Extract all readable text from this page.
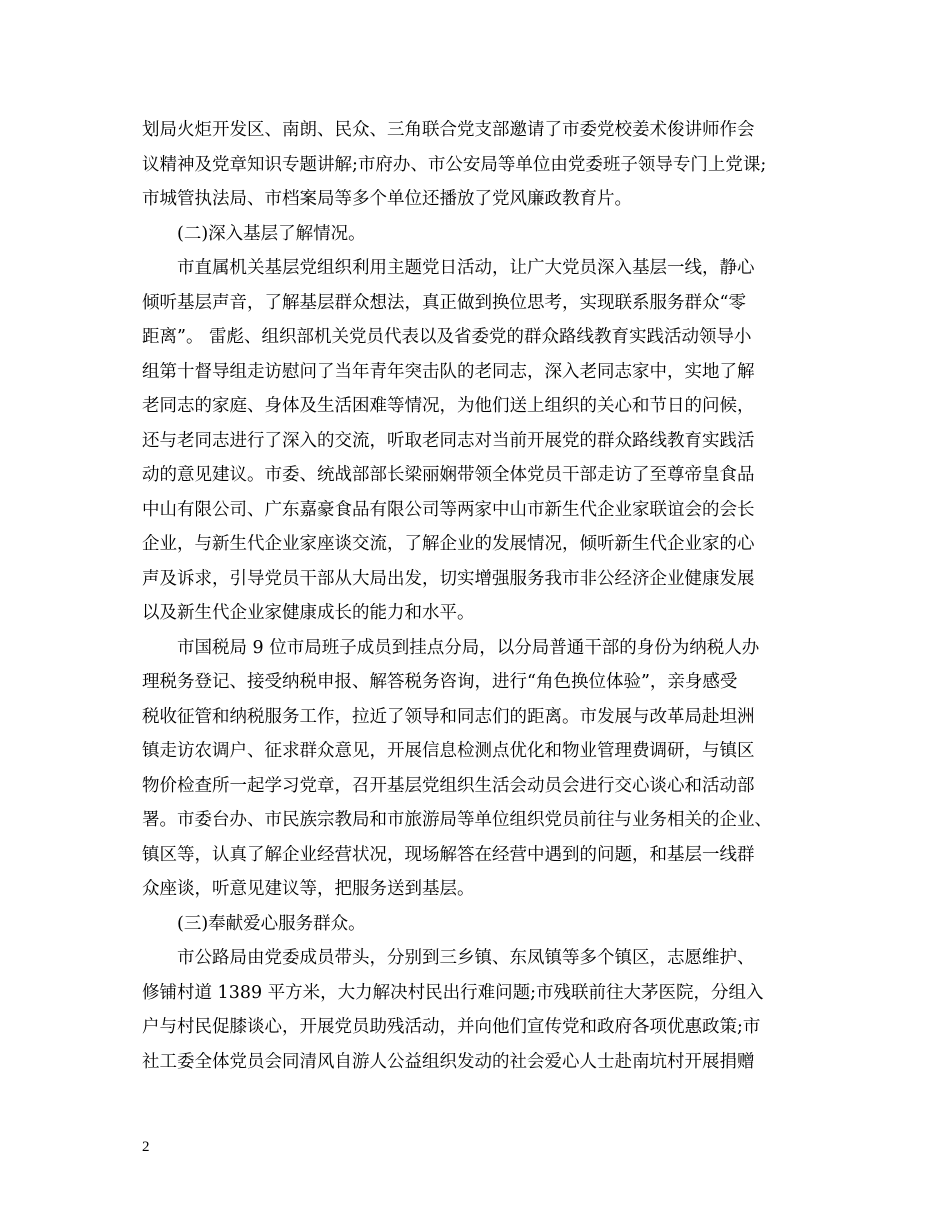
划局火炬开发区、南朗、民众、三角联合党支部邀请了市委党校姜术俊讲师作会
议精神及党章知识专题讲解;市府办、市公安局等单位由党委班子领导专门上党课;
市城管执法局、市档案局等多个单位还播放了党风廉政教育片。

(二)深入基层了解情况。

市直属机关基层党组织利用主题党日活动，让广大党员深入基层一线，静心
倾听基层声音，了解基层群众想法，真正做到换位思考，实现联系服务群众“零
距离”。 雷彪、组织部机关党员代表以及省委党的群众路线教育实践活动领导小
组第十督导组走访慰问了当年青年突击队的老同志，深入老同志家中，实地了解
老同志的家庭、身体及生活困难等情况，为他们送上组织的关心和节日的问候，
还与老同志进行了深入的交流，听取老同志对当前开展党的群众路线教育实践活
动的意见建议。市委、统战部部长梁丽娴带领全体党员干部走访了至尊帝皇食品
中山有限公司、广东嘉豪食品有限公司等两家中山市新生代企业家联谊会的会长
企业，与新生代企业家座谈交流，了解企业的发展情况，倾听新生代企业家的心
声及诉求，引导党员干部从大局出发，切实增强服务我市非公经济企业健康发展
以及新生代企业家健康成长的能力和水平。

市国税局 9 位市局班子成员到挂点分局，以分局普通干部的身份为纳税人办
理税务登记、接受纳税申报、解答税务咨询，进行“角色换位体验”，亲身感受
税收征管和纳税服务工作，拉近了领导和同志们的距离。市发展与改革局赴坦洲
镇走访农调户、征求群众意见，开展信息检测点优化和物业管理费调研，与镇区
物价检查所一起学习党章，召开基层党组织生活会动员会进行交心谈心和活动部
署。市委台办、市民族宗教局和市旅游局等单位组织党员前往与业务相关的企业、
镇区等，认真了解企业经营状况，现场解答在经营中遇到的问题，和基层一线群
众座谈，听意见建议等，把服务送到基层。

(三)奉献爱心服务群众。

市公路局由党委成员带头，分别到三乡镇、东凤镇等多个镇区，志愿维护、
修铺村道 1389 平方米，大力解决村民出行难问题;市残联前往大茅医院，分组入
户与村民促膝谈心，开展党员助残活动，并向他们宣传党和政府各项优惠政策;市
社工委全体党员会同清风自游人公益组织发动的社会爱心人士赴南坑村开展捐赠

2
